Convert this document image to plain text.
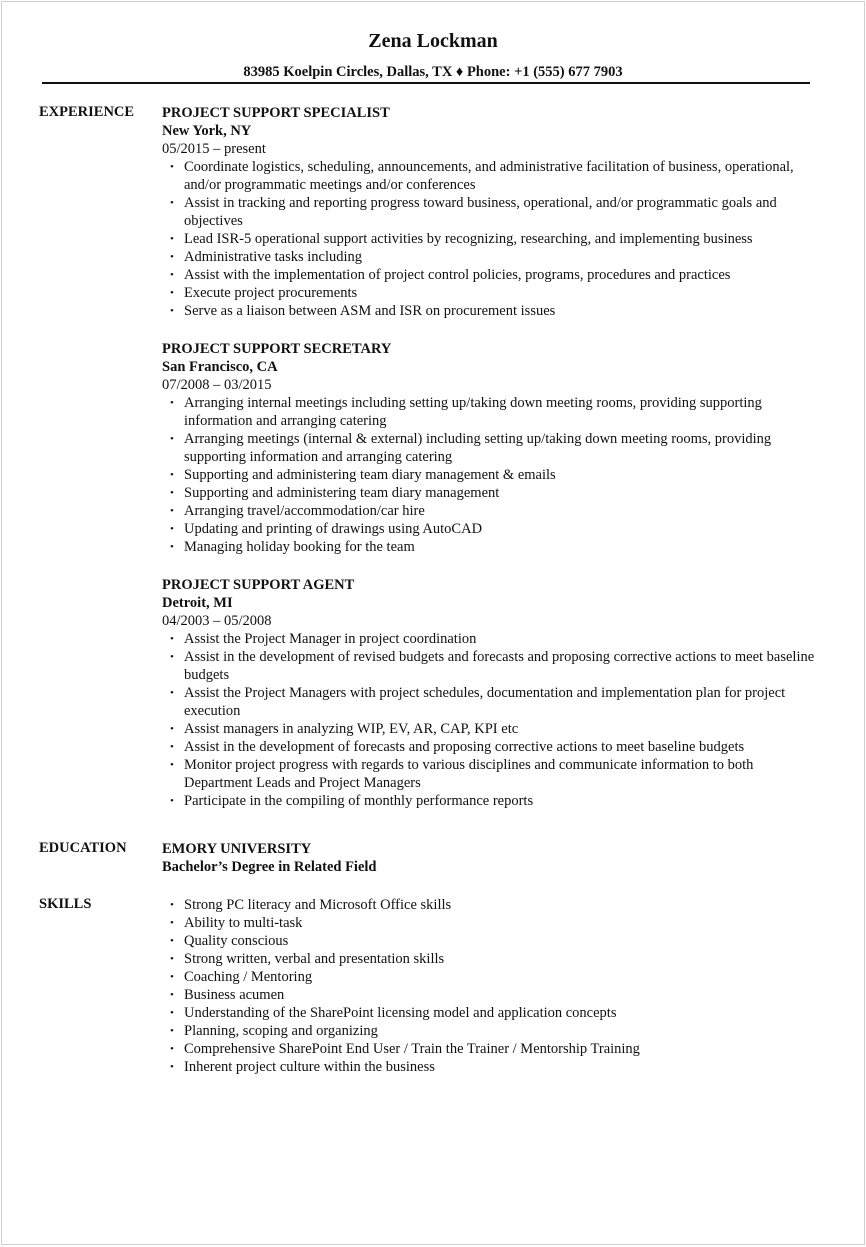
Zena Lockman
83985 Koelpin Circles, Dallas, TX ♦ Phone: +1 (555) 677 7903
EXPERIENCE PROJECT SUPPORT SPECIALIST
New York, NY
05/2015 – present
• Coordinate logistics, scheduling, announcements, and administrative facilitation of business, operational, and/or programmatic meetings and/or conferences
• Assist in tracking and reporting progress toward business, operational, and/or programmatic goals and objectives
• Lead ISR-5 operational support activities by recognizing, researching, and implementing business
• Administrative tasks including
• Assist with the implementation of project control policies, programs, procedures and practices
• Execute project procurements
• Serve as a liaison between ASM and ISR on procurement issues
PROJECT SUPPORT SECRETARY
San Francisco, CA
07/2008 – 03/2015
• Arranging internal meetings including setting up/taking down meeting rooms, providing supporting information and arranging catering
• Arranging meetings (internal & external) including setting up/taking down meeting rooms, providing supporting information and arranging catering
• Supporting and administering team diary management & emails
• Supporting and administering team diary management
• Arranging travel/accommodation/car hire
• Updating and printing of drawings using AutoCAD
• Managing holiday booking for the team
PROJECT SUPPORT AGENT
Detroit, MI
04/2003 – 05/2008
• Assist the Project Manager in project coordination
• Assist in the development of revised budgets and forecasts and proposing corrective actions to meet baseline budgets
• Assist the Project Managers with project schedules, documentation and implementation plan for project execution
• Assist managers in analyzing WIP, EV, AR, CAP, KPI etc
• Assist in the development of forecasts and proposing corrective actions to meet baseline budgets
• Monitor project progress with regards to various disciplines and communicate information to both Department Leads and Project Managers
• Participate in the compiling of monthly performance reports
EDUCATION EMORY UNIVERSITY
Bachelor’s Degree in Related Field
SKILLS	• Strong PC literacy and Microsoft Office skills
• Ability to multi-task
• Quality conscious
• Strong written, verbal and presentation skills
• Coaching / Mentoring
• Business acumen
• Understanding of the SharePoint licensing model and application concepts
• Planning, scoping and organizing
• Comprehensive SharePoint End User / Train the Trainer / Mentorship Training
• Inherent project culture within the business
